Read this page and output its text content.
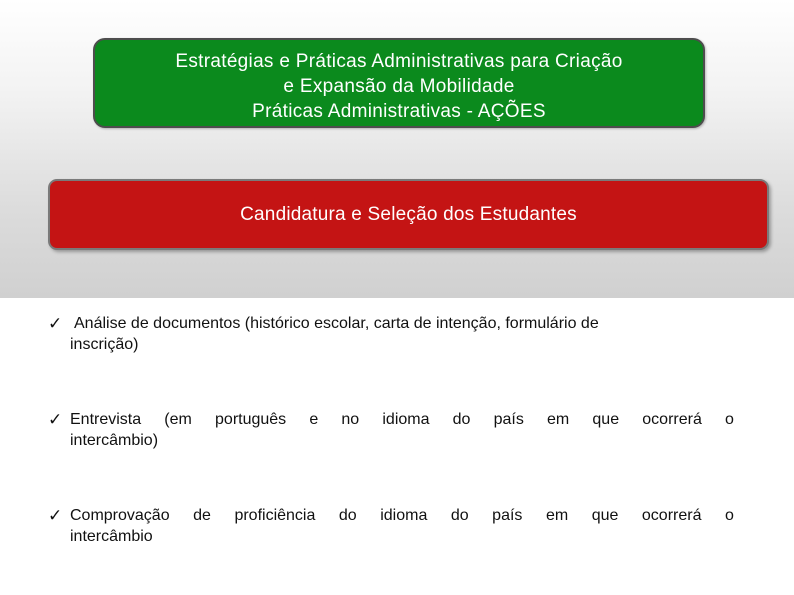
Estratégias e Práticas Administrativas para Criação
e Expansão da Mobilidade
Práticas Administrativas - AÇÕES
Candidatura e Seleção dos Estudantes
✓ Análise de documentos (histórico escolar, carta de intenção, formulário de
inscrição)
✓ Entrevista (em português e no idioma do país em que ocorrerá o
intercâmbio)
✓ Comprovação de proficiência do idioma do país em que ocorrerá o
intercâmbio
